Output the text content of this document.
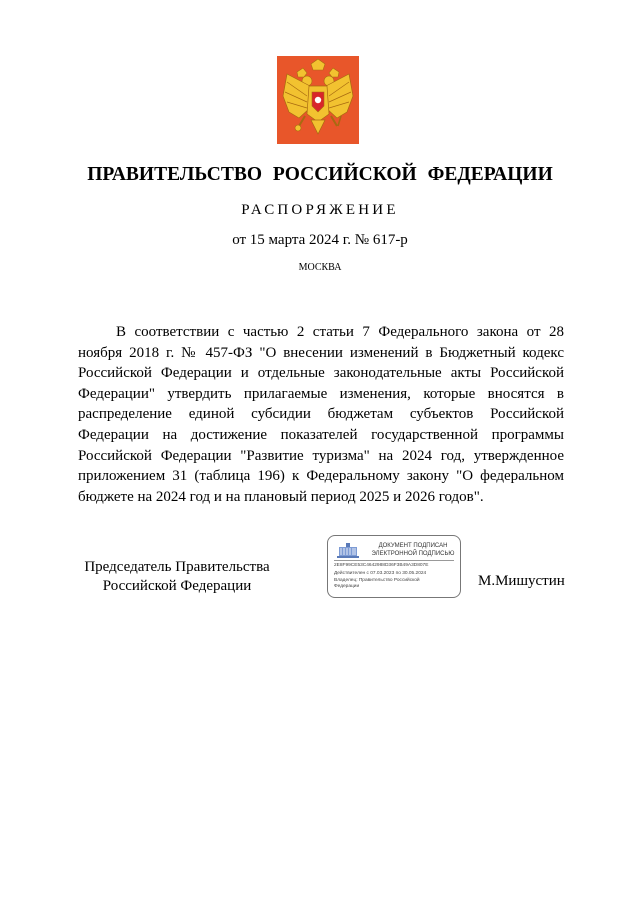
ПРАВИТЕЛЬСТВО РОССИЙСКОЙ ФЕДЕРАЦИИ
РАСПОРЯЖЕНИЕ
от 15 марта 2024 г. № 617-р
МОСКВА
В соответствии с частью 2 статьи 7 Федерального закона от 28 ноября 2018 г. № 457-ФЗ "О внесении изменений в Бюджетный кодекс Российской Федерации и отдельные законодательные акты Российской Федерации" утвердить прилагаемые изменения, которые вносятся в распределение единой субсидии бюджетам субъектов Российской Федерации на достижение показателей государственной программы Российской Федерации "Развитие туризма" на 2024 год, утвержденное приложением 31 (таблица 196) к Федеральному закону "О федеральном бюджете на 2024 год и на плановый период 2025 и 2026 годов".
Председатель Правительства
Российской Федерации
ДОКУМЕНТ ПОДПИСАН
ЭЛЕКТРОННОЙ ПОДПИСЬЮ
2E8F99CE53C4642988D36F3B49A3D807E
Действителен с 07.03.2023 по 30.05.2024
Владелец: Правительство Российской Федерации	М.Мишустин
